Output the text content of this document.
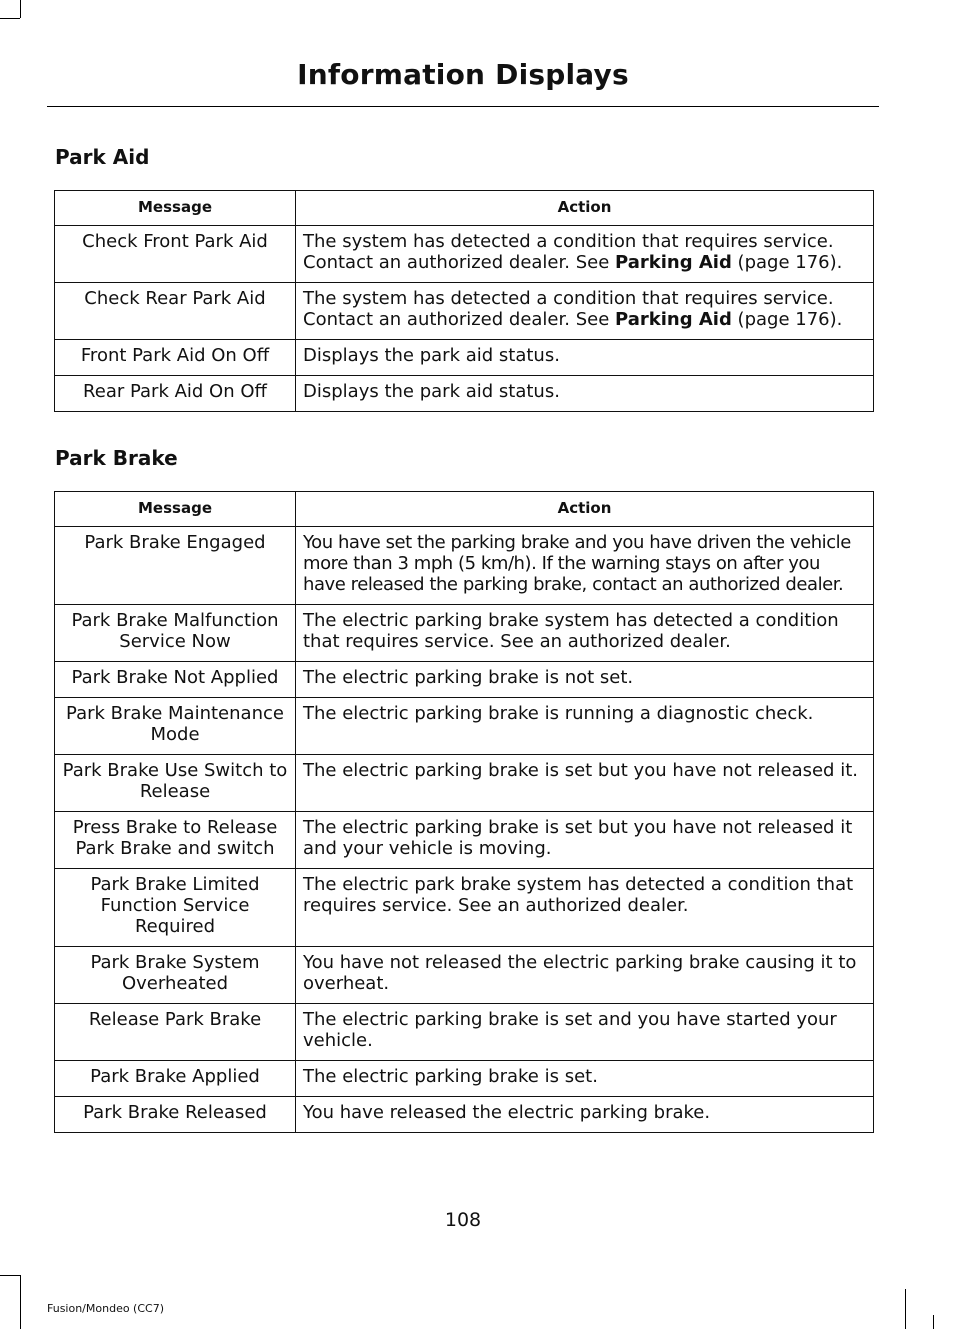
Information Displays
Park Aid
Message	Action
Check Front Park Aid	The system has detected a condition that requires service. Contact an authorized dealer. See Parking Aid (page 176).
Check Rear Park Aid	The system has detected a condition that requires service. Contact an authorized dealer. See Parking Aid (page 176).
Front Park Aid On Off	Displays the park aid status.
Rear Park Aid On Off	Displays the park aid status.
Park Brake
Message	Action
Park Brake Engaged	You have set the parking brake and you have driven the vehicle more than 3 mph (5 km/h). If the warning stays on after you have released the parking brake, contact an authorized dealer.
Park Brake Malfunction Service Now	The electric parking brake system has detected a condition that requires service. See an authorized dealer.
Park Brake Not Applied	The electric parking brake is not set.
Park Brake Maintenance Mode	The electric parking brake is running a diagnostic check.
Park Brake Use Switch to Release	The electric parking brake is set but you have not released it.
Press Brake to Release Park Brake and switch	The electric parking brake is set but you have not released it and your vehicle is moving.
Park Brake Limited Function Service Required	The electric park brake system has detected a condition that requires service. See an authorized dealer.
Park Brake System Overheated	You have not released the electric parking brake causing it to overheat.
Release Park Brake	The electric parking brake is set and you have started your vehicle.
Park Brake Applied	The electric parking brake is set.
Park Brake Released	You have released the electric parking brake.
108
Fusion/Mondeo (CC7)
